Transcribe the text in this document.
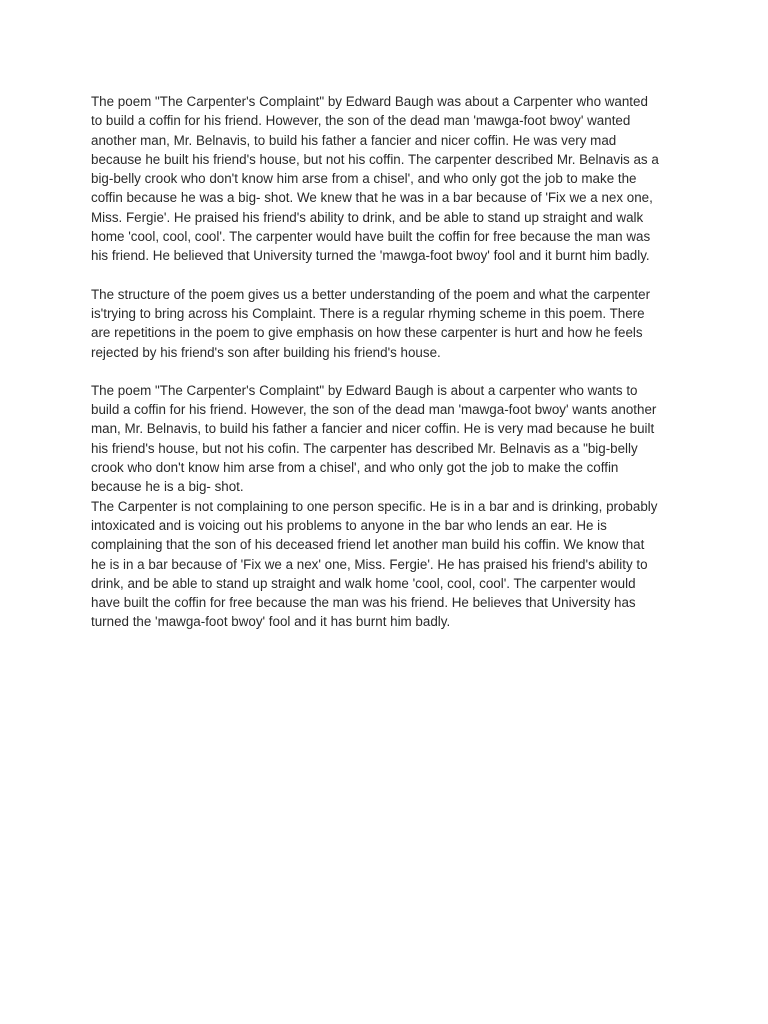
The poem "The Carpenter's Complaint" by Edward Baugh was about a Carpenter who wanted
to build a coffin for his friend. However, the son of the dead man 'mawga-foot bwoy' wanted
another man, Mr. Belnavis, to build his father a fancier and nicer coffin. He was very mad
because he built his friend's house, but not his coffin. The carpenter described Mr. Belnavis as a
big-belly crook who don't know him arse from a chisel', and who only got the job to make the
coffin because he was a big- shot. We knew that he was in a bar because of 'Fix we a nex one,
Miss. Fergie'. He praised his friend's ability to drink, and be able to stand up straight and walk
home 'cool, cool, cool'. The carpenter would have built the coffin for free because the man was
his friend. He believed that University turned the 'mawga-foot bwoy' fool and it burnt him badly.

The structure of the poem gives us a better understanding of the poem and what the carpenter
is'trying to bring across his Complaint. There is a regular rhyming scheme in this poem. There
are repetitions in the poem to give emphasis on how these carpenter is hurt and how he feels
rejected by his friend's son after building his friend's house.

The poem "The Carpenter's Complaint" by Edward Baugh is about a carpenter who wants to
build a coffin for his friend. However, the son of the dead man 'mawga-foot bwoy' wants another
man, Mr. Belnavis, to build his father a fancier and nicer coffin. He is very mad because he built
his friend's house, but not his cofin. The carpenter has described Mr. Belnavis as a "big-belly
crook who don't know him arse from a chisel', and who only got the job to make the coffin
because he is a big- shot.

The Carpenter is not complaining to one person specific. He is in a bar and is drinking, probably
intoxicated and is voicing out his problems to anyone in the bar who lends an ear. He is
complaining that the son of his deceased friend let another man build his coffin. We know that
he is in a bar because of 'Fix we a nex' one, Miss. Fergie'. He has praised his friend's ability to
drink, and be able to stand up straight and walk home 'cool, cool, cool'. The carpenter would
have built the coffin for free because the man was his friend. He believes that University has
turned the 'mawga-foot bwoy' fool and it has burnt him badly.
